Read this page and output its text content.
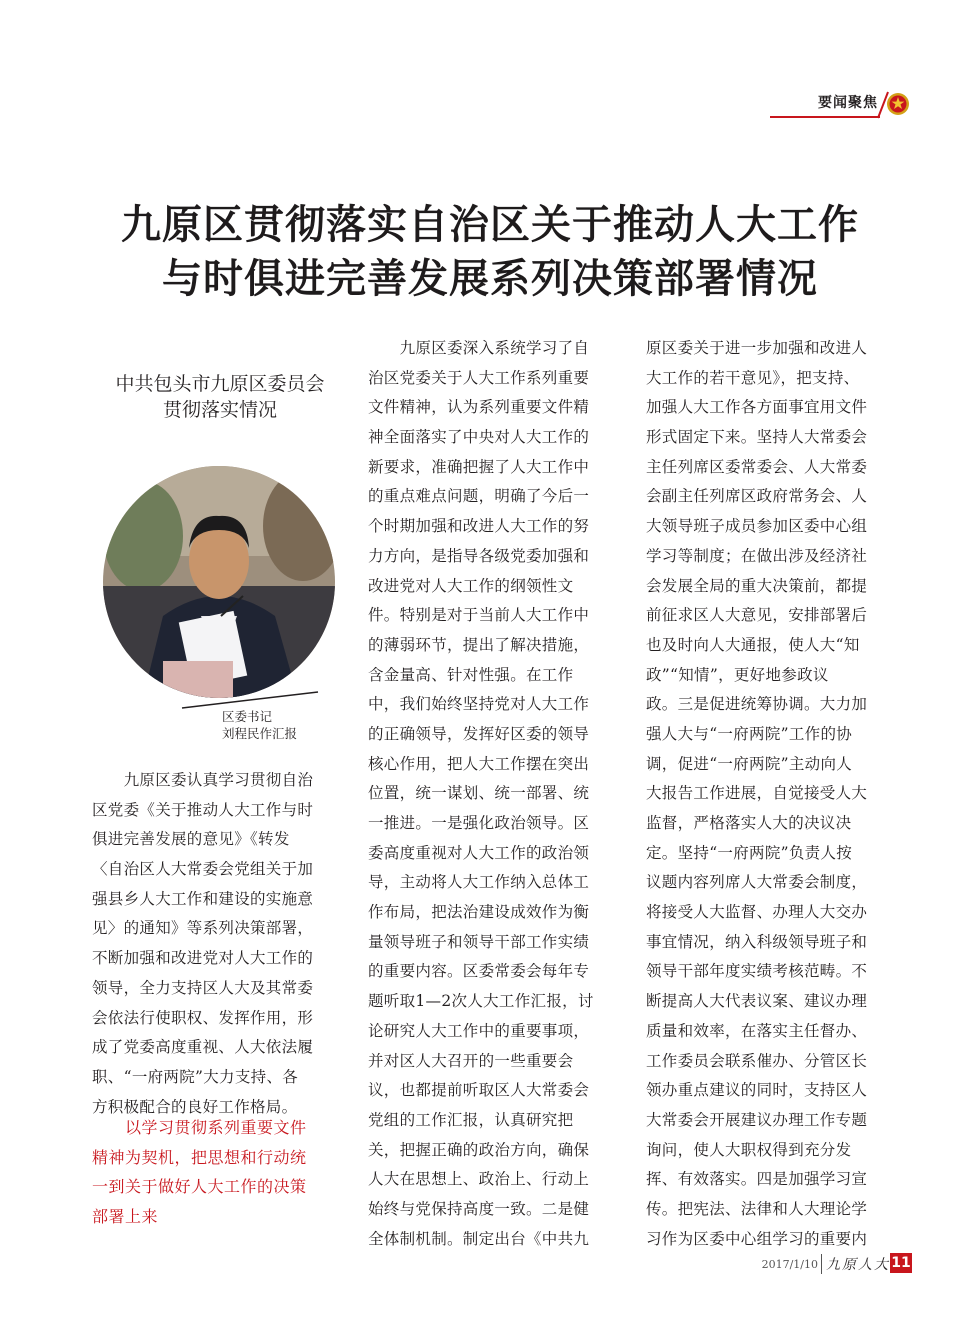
要闻聚焦
九原区贯彻落实自治区关于推动人大工作
与时俱进完善发展系列决策部署情况

中共包头市九原区委员会

贯彻落实情况

区委书记
刘程民作汇报

　　九原区委认真学习贯彻自治
区党委《关于推动人大工作与时
俱进完善发展的意见》《转发
〈自治区人大常委会党组关于加
强县乡人大工作和建设的实施意
见〉的通知》等系列决策部署，
不断加强和改进党对人大工作的
领导，全力支持区人大及其常委
会依法行使职权、发挥作用，形
成了党委高度重视、人大依法履
职、“一府两院”大力支持、各
方积极配合的良好工作格局。
　　以学习贯彻系列重要文件
精神为契机，把思想和行动统
一到关于做好人大工作的决策
部署上来
　　九原区委深入系统学习了自
治区党委关于人大工作系列重要
文件精神，认为系列重要文件精
神全面落实了中央对人大工作的
新要求，准确把握了人大工作中
的重点难点问题，明确了今后一
个时期加强和改进人大工作的努
力方向，是指导各级党委加强和
改进党对人大工作的纲领性文
件。特别是对于当前人大工作中
的薄弱环节，提出了解决措施，
含金量高、针对性强。在工作
中，我们始终坚持党对人大工作
的正确领导，发挥好区委的领导
核心作用，把人大工作摆在突出
位置，统一谋划、统一部署、统
一推进。一是强化政治领导。区
委高度重视对人大工作的政治领
导，主动将人大工作纳入总体工
作布局，把法治建设成效作为衡
量领导班子和领导干部工作实绩
的重要内容。区委常委会每年专
题听取1—2次人大工作汇报，讨
论研究人大工作中的重要事项，
并对区人大召开的一些重要会
议，也都提前听取区人大常委会
党组的工作汇报，认真研究把
关，把握正确的政治方向，确保
人大在思想上、政治上、行动上
始终与党保持高度一致。二是健
全体制机制。制定出台《中共九
原区委关于进一步加强和改进人
大工作的若干意见》，把支持、
加强人大工作各方面事宜用文件
形式固定下来。坚持人大常委会
主任列席区委常委会、人大常委
会副主任列席区政府常务会、人
大领导班子成员参加区委中心组
学习等制度；在做出涉及经济社
会发展全局的重大决策前，都提
前征求区人大意见，安排部署后
也及时向人大通报，使人大“知
政”“知情”，更好地参政议
政。三是促进统筹协调。大力加
强人大与“一府两院”工作的协
调，促进“一府两院”主动向人
大报告工作进展，自觉接受人大
监督，严格落实人大的决议决
定。坚持“一府两院”负责人按
议题内容列席人大常委会制度，
将接受人大监督、办理人大交办
事宜情况，纳入科级领导班子和
领导干部年度实绩考核范畴。不
断提高人大代表议案、建议办理
质量和效率，在落实主任督办、
工作委员会联系催办、分管区长
领办重点建议的同时，支持区人
大常委会开展建议办理工作专题
询问，使人大职权得到充分发
挥、有效落实。四是加强学习宣
传。把宪法、法律和人大理论学
习作为区委中心组学习的重要内
2017/1/10 九原人大 11
